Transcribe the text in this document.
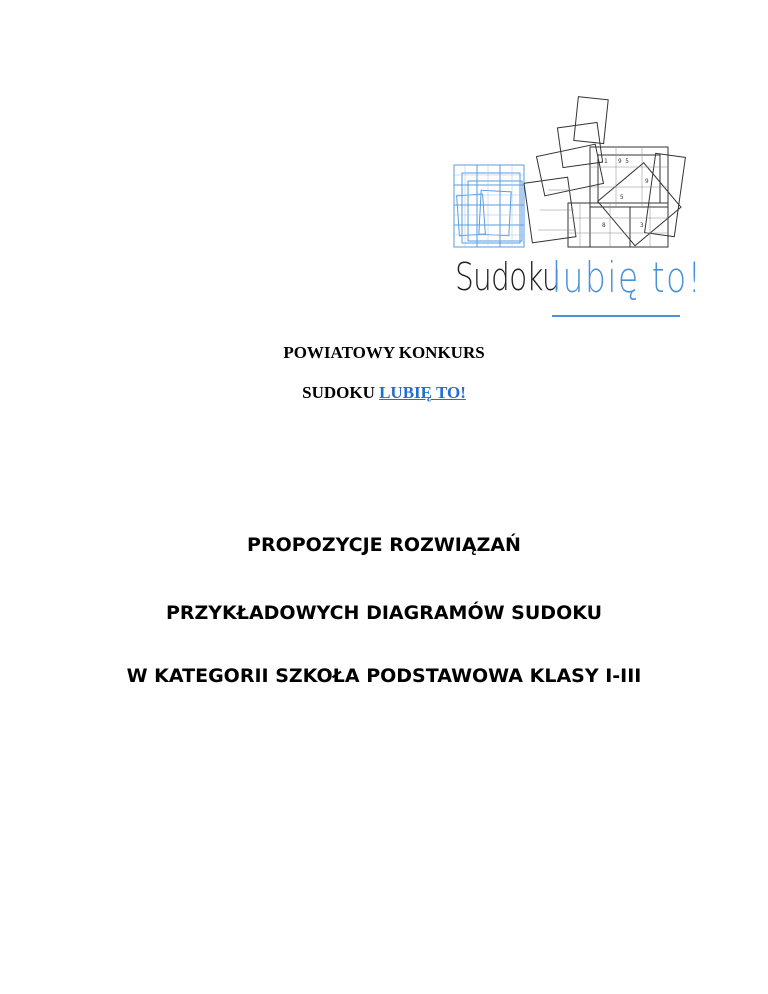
1 9 5
9
5
3
8
Sudoku
lubię to!
POWIATOWY KONKURS
SUDOKU LUBIĘ TO!
PROPOZYCJE ROZWIĄZAŃ
PRZYKŁADOWYCH DIAGRAMÓW SUDOKU
W KATEGORII SZKOŁA PODSTAWOWA KLASY I-III
